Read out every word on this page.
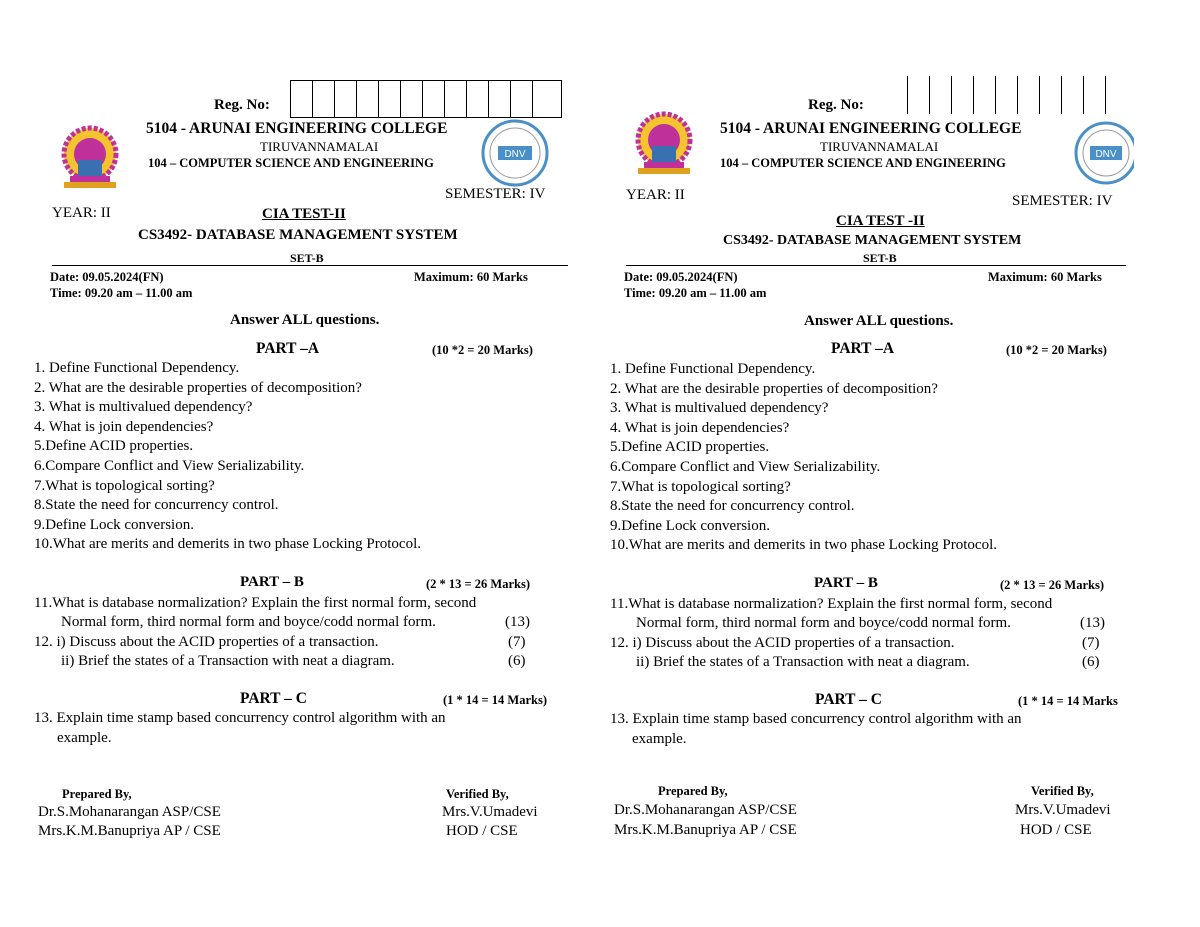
Reg. No:
5104 - ARUNAI ENGINEERING COLLEGE
TIRUVANNAMALAI
104 – COMPUTER SCIENCE AND ENGINEERING
DNV
SEMESTER: IV
YEAR: II	CIA TEST-II
CS3492- DATABASE MANAGEMENT SYSTEM
SET-B
Date: 09.05.2024(FN)
Time: 09.20 am – 11.00 am
Maximum: 60 Marks
Answer ALL questions.
PART –A	(10 *2 = 20 Marks)
1. Define Functional Dependency.
2. What are the desirable properties of decomposition?
3. What is multivalued dependency?
4. What is join dependencies?
5.Define ACID properties.
6.Compare Conflict and View Serializability.
7.What is topological sorting?
8.State the need for concurrency control.
9.Define Lock conversion.
10.What are merits and demerits in two phase Locking Protocol.
PART – B	(2 * 13 = 26 Marks)
11.What is database normalization? Explain the first normal form, second
Normal form, third normal form and boyce/codd normal form.	(13)
12. i) Discuss about the ACID properties of a transaction.	(7)
ii) Brief the states of a Transaction with neat a diagram.	(6)
PART – C	(1 * 14 = 14 Marks)
13. Explain time stamp based concurrency control algorithm with an
example.
Prepared By,
Dr.S.Mohanarangan ASP/CSE
Mrs.K.M.Banupriya AP / CSE
Verified By,
Mrs.V.Umadevi
HOD / CSE
Reg. No:
5104 - ARUNAI ENGINEERING COLLEGE
TIRUVANNAMALAI
104 – COMPUTER SCIENCE AND ENGINEERING
DNV
YEAR: II	SEMESTER: IV
CIA TEST -II
CS3492- DATABASE MANAGEMENT SYSTEM
SET-B
Date: 09.05.2024(FN)
Time: 09.20 am – 11.00 am
Maximum: 60 Marks
Answer ALL questions.
PART –A	(10 *2 = 20 Marks)
1. Define Functional Dependency.
2. What are the desirable properties of decomposition?
3. What is multivalued dependency?
4. What is join dependencies?
5.Define ACID properties.
6.Compare Conflict and View Serializability.
7.What is topological sorting?
8.State the need for concurrency control.
9.Define Lock conversion.
10.What are merits and demerits in two phase Locking Protocol.
PART – B	(2 * 13 = 26 Marks)
11.What is database normalization? Explain the first normal form, second
Normal form, third normal form and boyce/codd normal form.	(13)
12. i) Discuss about the ACID properties of a transaction.	(7)
ii) Brief the states of a Transaction with neat a diagram.	(6)
PART – C	(1 * 14 = 14 Marks
13. Explain time stamp based concurrency control algorithm with an
example.
Prepared By,
Dr.S.Mohanarangan ASP/CSE
Mrs.K.M.Banupriya AP / CSE
Verified By,
Mrs.V.Umadevi
HOD / CSE
